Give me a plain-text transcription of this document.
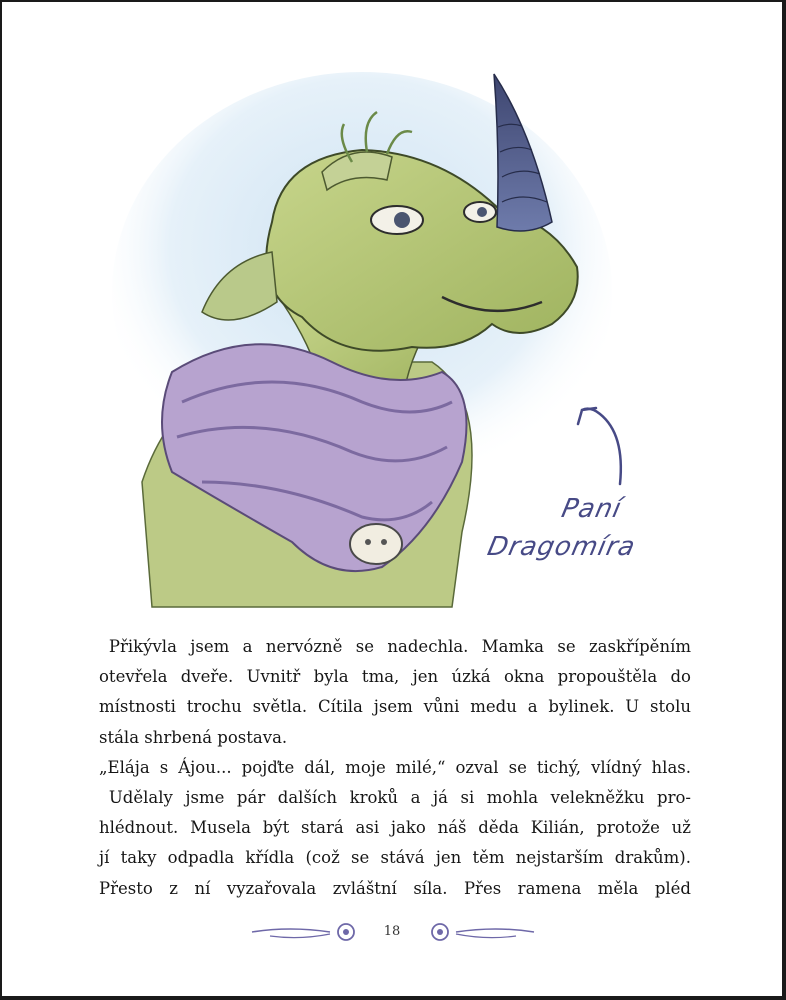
Paní
Dragomíra
Přikývla jsem a nervózně se nadechla. Mamka se zaskřípěním
otevřela dveře. Uvnitř byla tma, jen úzká okna propouštěla do
místnosti trochu světla. Cítila jsem vůni medu a bylinek. U stolu
stála shrbená postava.
„Elája s Ájou... pojďte dál, moje milé,“ ozval se tichý, vlídný hlas.
Udělaly jsme pár dalších kroků a já si mohla velekněžku pro-
hlédnout. Musela být stará asi jako náš děda Kilián, protože už
jí taky odpadla křídla (což se stává jen těm nejstarším drakům).
Přesto z ní vyzařovala zvláštní síla. Přes ramena měla pléd
18
